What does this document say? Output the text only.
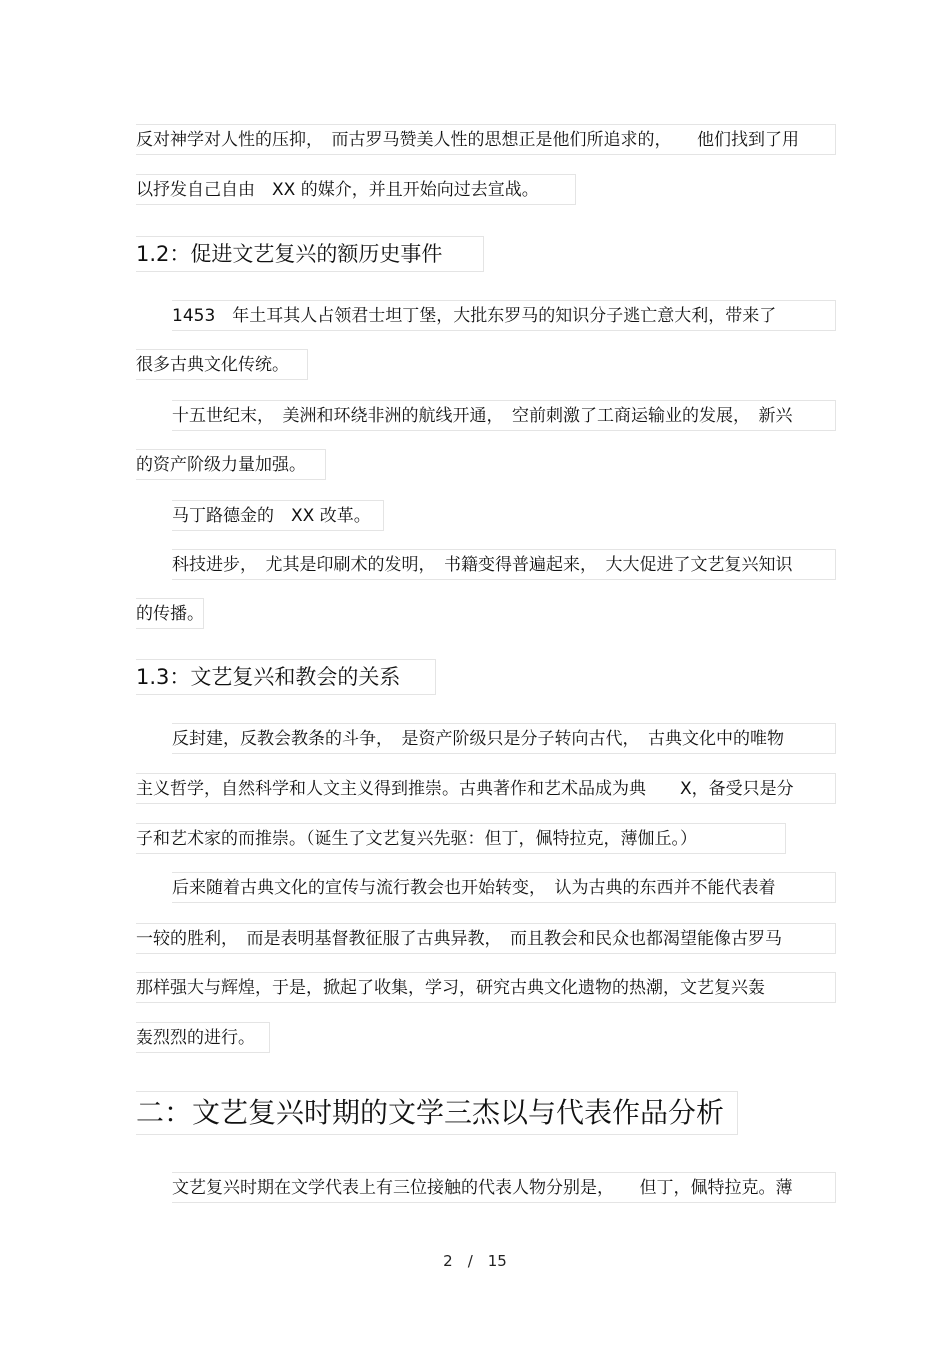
反对神学对人性的压抑，　而古罗马赞美人性的思想正是他们所追求的，　　他们找到了用
以抒发自己自由　XX 的媒介，并且开始向过去宣战。
1.2：促进文艺复兴的额历史事件
1453　年土耳其人占领君士坦丁堡，大批东罗马的知识分子逃亡意大利，带来了
很多古典文化传统。
十五世纪末，　美洲和环绕非洲的航线开通，　空前刺激了工商运输业的发展，　新兴
的资产阶级力量加强。
马丁路德金的　XX 改革。
科技进步，　尤其是印刷术的发明，　书籍变得普遍起来，　大大促进了文艺复兴知识
的传播。
1.3：文艺复兴和教会的关系
反封建，反教会教条的斗争，　是资产阶级只是分子转向古代，　古典文化中的唯物
主义哲学，自然科学和人文主义得到推崇。古典著作和艺术品成为典　　X，备受只是分
子和艺术家的而推崇。（诞生了文艺复兴先驱：但丁，佩特拉克，薄伽丘。）
后来随着古典文化的宣传与流行教会也开始转变，　认为古典的东西并不能代表着
一较的胜利，　而是表明基督教征服了古典异教，　而且教会和民众也都渴望能像古罗马
那样强大与辉煌，于是，掀起了收集，学习，研究古典文化遗物的热潮，文艺复兴轰
轰烈烈的进行。
二：文艺复兴时期的文学三杰以与代表作品分析
文艺复兴时期在文学代表上有三位接触的代表人物分别是，　　但丁，佩特拉克。薄
2　/　15
